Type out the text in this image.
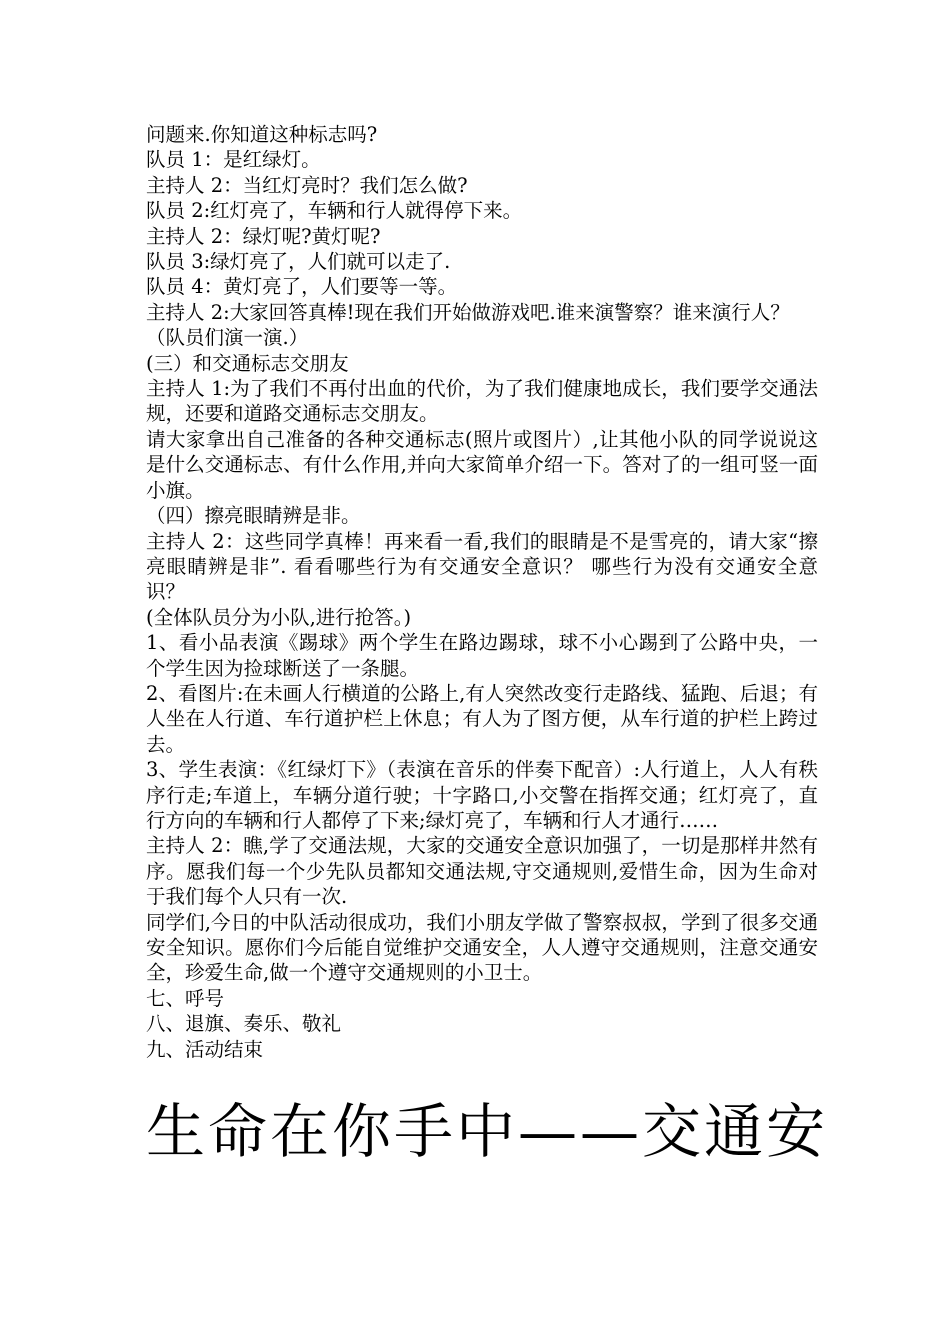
问题来.你知道这种标志吗?

队员 1：是红绿灯。

主持人 2：当红灯亮时？我们怎么做?

队员 2:红灯亮了，车辆和行人就得停下来。

主持人 2：绿灯呢?黄灯呢?

队员 3:绿灯亮了，人们就可以走了.

队员 4：黄灯亮了，人们要等一等。

主持人 2:大家回答真棒!现在我们开始做游戏吧.谁来演警察？谁来演行人？

（队员们演一演.）

(三）和交通标志交朋友

主持人 1:为了我们不再付出血的代价，为了我们健康地成长，我们要学交通法规，还要和道路交通标志交朋友。

请大家拿出自己准备的各种交通标志(照片或图片）,让其他小队的同学说说这是什么交通标志、有什么作用,并向大家简单介绍一下。答对了的一组可竖一面小旗。

（四）擦亮眼睛辨是非。

主持人 2：这些同学真棒！再来看一看,我们的眼睛是不是雪亮的，请大家“擦亮眼睛辨是非”. 看看哪些行为有交通安全意识？ 哪些行为没有交通安全意识？

(全体队员分为小队,进行抢答。)

1、看小品表演《踢球》两个学生在路边踢球，球不小心踢到了公路中央，一个学生因为捡球断送了一条腿。

2、看图片:在未画人行横道的公路上,有人突然改变行走路线、猛跑、后退；有人坐在人行道、车行道护栏上休息；有人为了图方便，从车行道的护栏上跨过去。

3、学生表演：《红绿灯下》（表演在音乐的伴奏下配音）:人行道上，人人有秩序行走;车道上，车辆分道行驶；十字路口,小交警在指挥交通；红灯亮了，直行方向的车辆和行人都停了下来;绿灯亮了，车辆和行人才通行……

主持人 2：瞧,学了交通法规，大家的交通安全意识加强了，一切是那样井然有序。愿我们每一个少先队员都知交通法规,守交通规则,爱惜生命，因为生命对于我们每个人只有一次.

同学们,今日的中队活动很成功，我们小朋友学做了警察叔叔，学到了很多交通安全知识。愿你们今后能自觉维护交通安全，人人遵守交通规则，注意交通安全，珍爱生命,做一个遵守交通规则的小卫士。

七、呼号

八、退旗、奏乐、敬礼

九、活动结束

生命在你手中——交通安
